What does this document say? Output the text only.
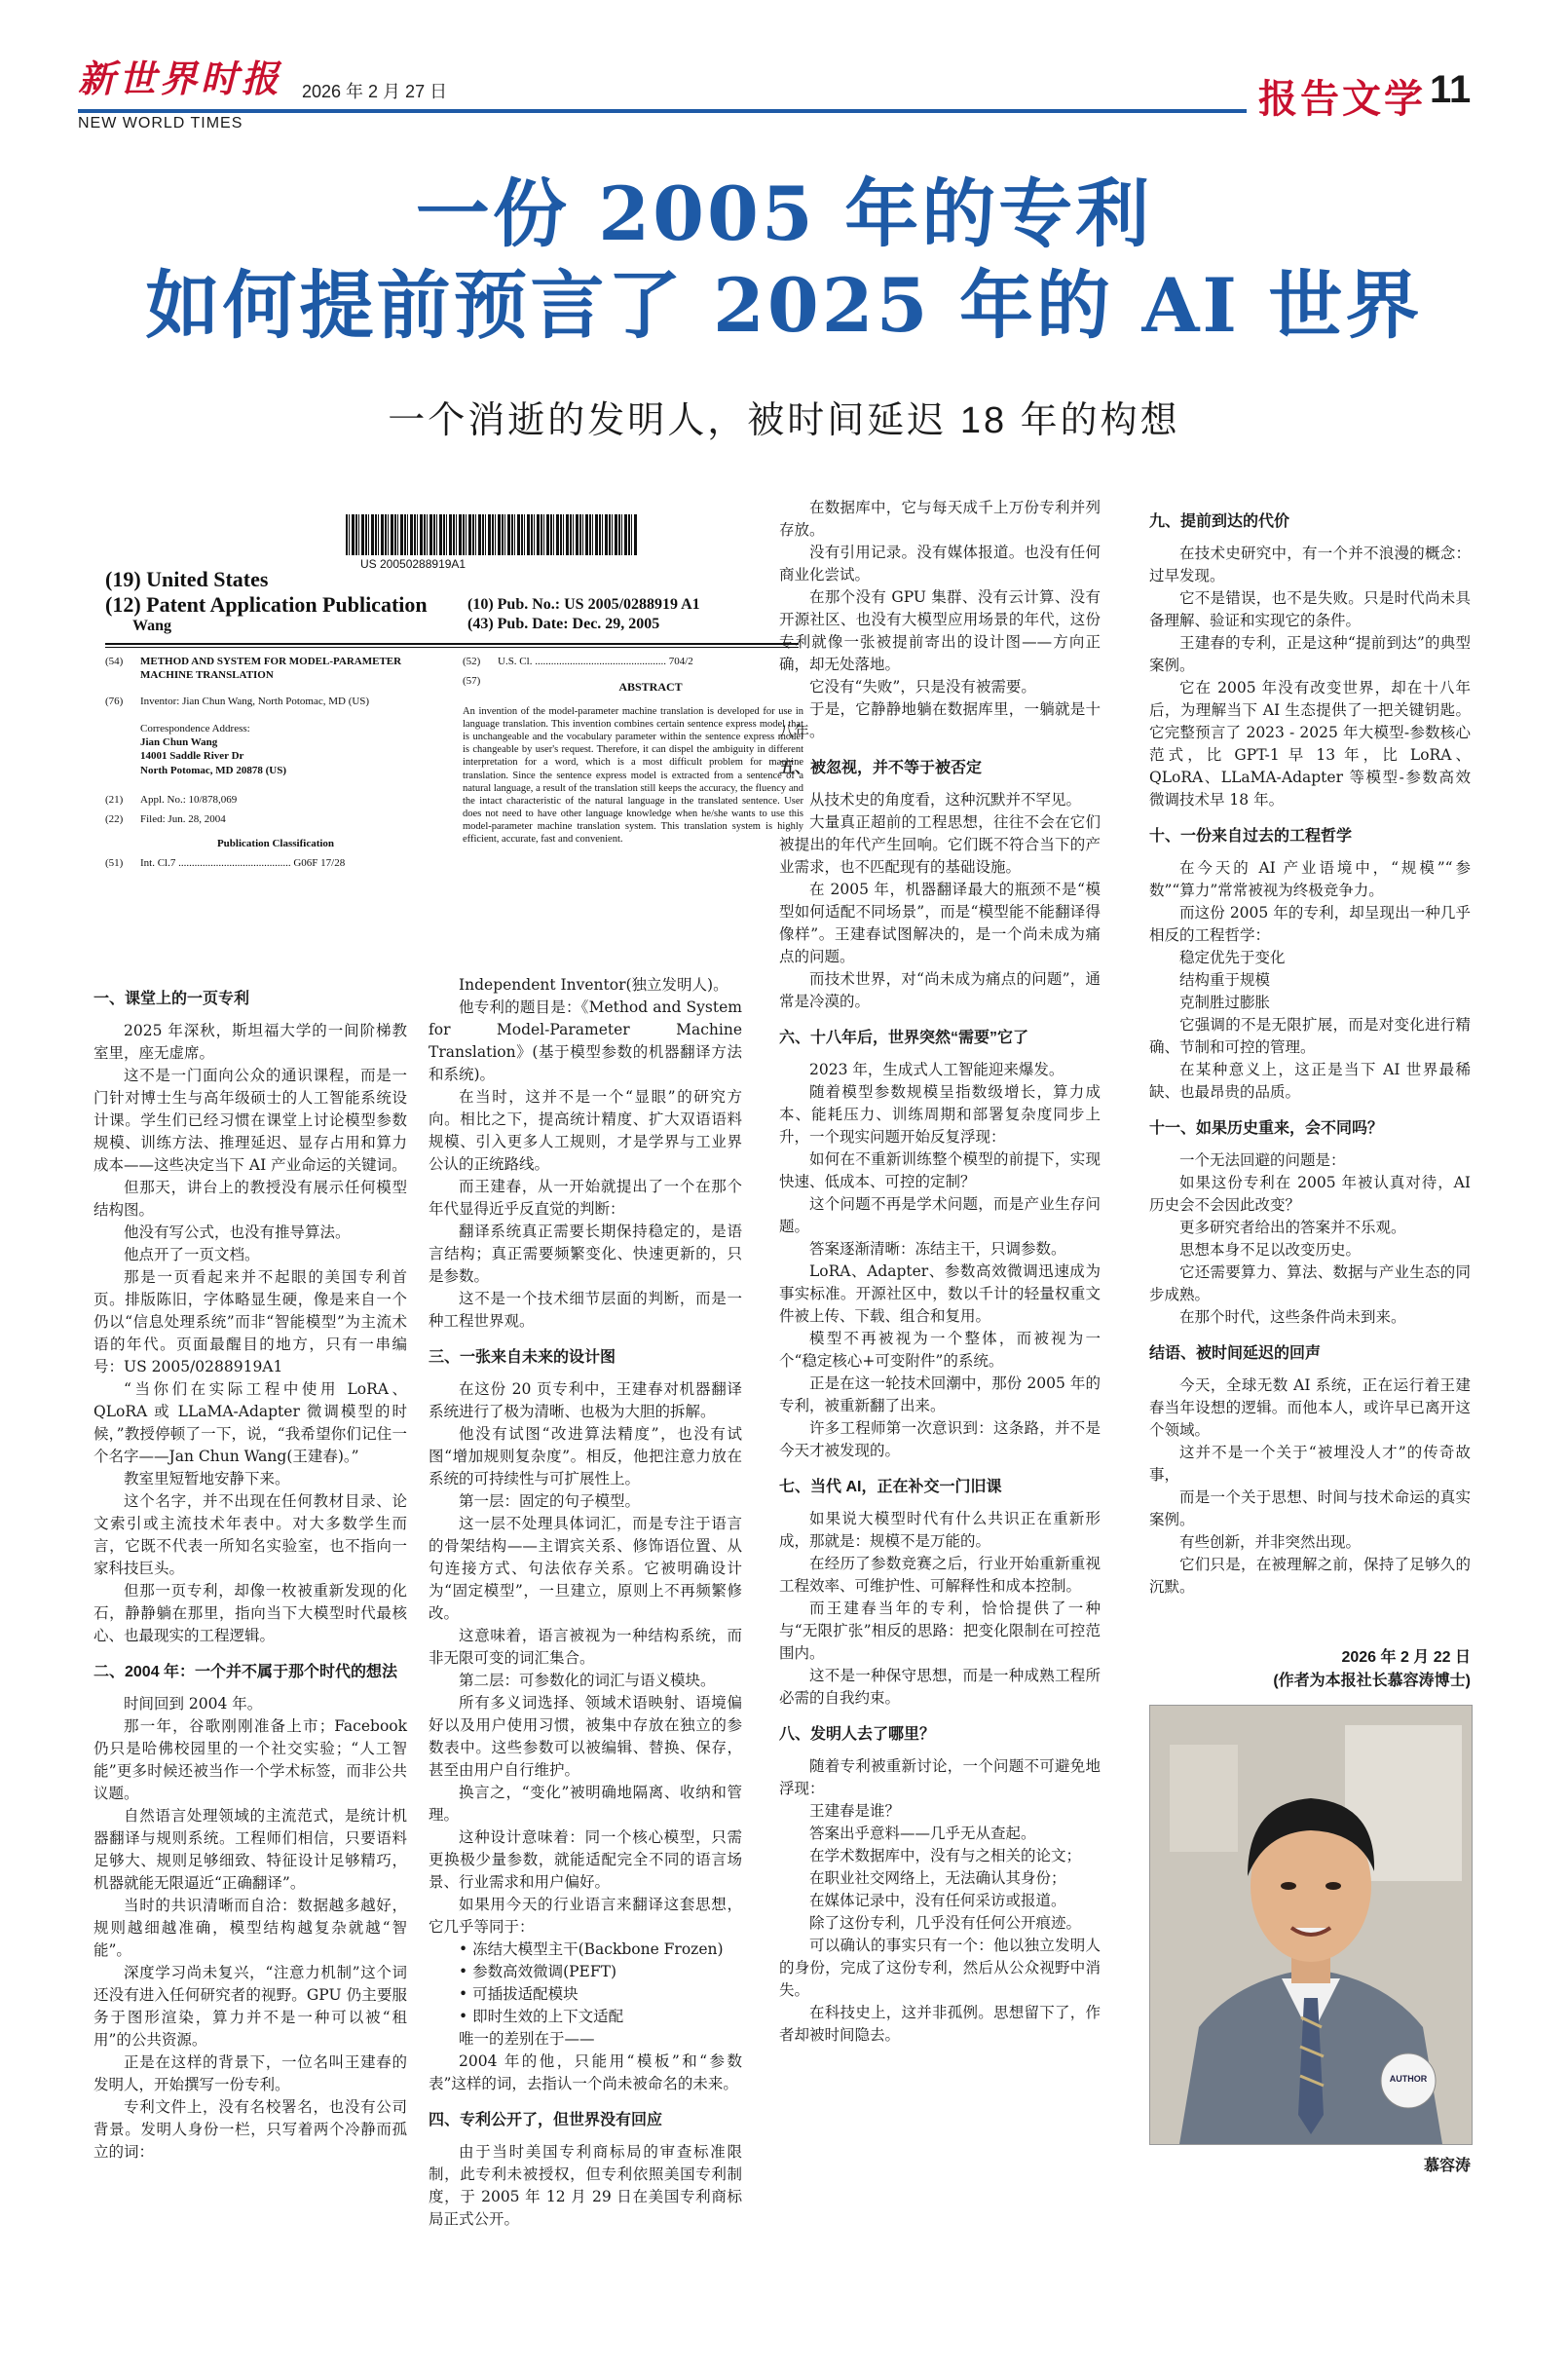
新世界时报 2026 年 2 月 27 日
NEW WORLD TIMES
报告文学 11
一份 2005 年的专利
如何提前预言了 2025 年的 AI 世界
一个消逝的发明人，被时间延迟 18 年的构想
US 20050288919A1
(19) United States
(12) Patent Application Publication
Wang
(10) Pub. No.: US 2005/0288919 A1
(43) Pub. Date: Dec. 29, 2005
(54)	METHOD AND SYSTEM FOR MODEL-PARAMETER MACHINE TRANSLATION
(76)	Inventor: Jian Chun Wang, North Potomac, MD (US)
Correspondence Address:
Jian Chun Wang
14001 Saddle River Dr
North Potomac, MD 20878 (US)
(21)	Appl. No.: 10/878,069
(22)	Filed: Jun. 28, 2004
Publication Classification
(51)	Int. Cl.7 .......................................... G06F 17/28
(52)	U.S. Cl. ................................................. 704/2
(57)	ABSTRACT
An invention of the model-parameter machine translation is developed for use in language translation. This invention combines certain sentence express model that is unchangeable and the vocabulary parameter within the sentence express model is changeable by user's request. Therefore, it can dispel the ambiguity in different interpretation for a word, which is a most difficult problem for machine translation. Since the sentence express model is extracted from a sentence of a natural language, a result of the translation still keeps the accuracy, the fluency and the intact characteristic of the natural language in the translated sentence. User does not need to have other language knowledge when he/she wants to use this model-parameter machine translation system. This translation system is highly efficient, accurate, fast and convenient.
一、课堂上的一页专利

2025 年深秋，斯坦福大学的一间阶梯教室里，座无虚席。

这不是一门面向公众的通识课程，而是一门针对博士生与高年级硕士的人工智能系统设计课。学生们已经习惯在课堂上讨论模型参数规模、训练方法、推理延迟、显存占用和算力成本——这些决定当下 AI 产业命运的关键词。

但那天，讲台上的教授没有展示任何模型结构图。

他没有写公式，也没有推导算法。

他点开了一页文档。

那是一页看起来并不起眼的美国专利首页。排版陈旧，字体略显生硬，像是来自一个仍以“信息处理系统”而非“智能模型”为主流术语的年代。页面最醒目的地方，只有一串编号：US 2005/0288919A1

“当你们在实际工程中使用 LoRA、QLoRA 或 LLaMA-Adapter 微调模型的时候，”教授停顿了一下，说，“我希望你们记住一个名字——Jan Chun Wang(王建春)。”

教室里短暂地安静下来。

这个名字，并不出现在任何教材目录、论文索引或主流技术年表中。对大多数学生而言，它既不代表一所知名实验室，也不指向一家科技巨头。

但那一页专利，却像一枚被重新发现的化石，静静躺在那里，指向当下大模型时代最核心、也最现实的工程逻辑。

二、2004 年：一个并不属于那个时代的想法

时间回到 2004 年。

那一年，谷歌刚刚准备上市；Facebook 仍只是哈佛校园里的一个社交实验；“人工智能”更多时候还被当作一个学术标签，而非公共议题。

自然语言处理领域的主流范式，是统计机器翻译与规则系统。工程师们相信，只要语料足够大、规则足够细致、特征设计足够精巧，机器就能无限逼近“正确翻译”。

当时的共识清晰而自洽：数据越多越好，规则越细越准确，模型结构越复杂就越“智能”。

深度学习尚未复兴，“注意力机制”这个词还没有进入任何研究者的视野。GPU 仍主要服务于图形渲染，算力并不是一种可以被“租用”的公共资源。

正是在这样的背景下，一位名叫王建春的发明人，开始撰写一份专利。

专利文件上，没有名校署名，也没有公司背景。发明人身份一栏，只写着两个冷静而孤立的词：

Independent Inventor(独立发明人)。

他专利的题目是：《Method and System for Model-Parameter Machine Translation》(基于模型参数的机器翻译方法和系统)。

在当时，这并不是一个“显眼”的研究方向。相比之下，提高统计精度、扩大双语语料规模、引入更多人工规则，才是学界与工业界公认的正统路线。

而王建春，从一开始就提出了一个在那个年代显得近乎反直觉的判断：

翻译系统真正需要长期保持稳定的，是语言结构；真正需要频繁变化、快速更新的，只是参数。

这不是一个技术细节层面的判断，而是一种工程世界观。

三、一张来自未来的设计图

在这份 20 页专利中，王建春对机器翻译系统进行了极为清晰、也极为大胆的拆解。

他没有试图“改进算法精度”，也没有试图“增加规则复杂度”。相反，他把注意力放在系统的可持续性与可扩展性上。

第一层：固定的句子模型。

这一层不处理具体词汇，而是专注于语言的骨架结构——主谓宾关系、修饰语位置、从句连接方式、句法依存关系。它被明确设计为“固定模型”，一旦建立，原则上不再频繁修改。

这意味着，语言被视为一种结构系统，而非无限可变的词汇集合。

第二层：可参数化的词汇与语义模块。

所有多义词选择、领域术语映射、语境偏好以及用户使用习惯，被集中存放在独立的参数表中。这些参数可以被编辑、替换、保存，甚至由用户自行维护。

换言之，“变化”被明确地隔离、收纳和管理。

这种设计意味着：同一个核心模型，只需更换极少量参数，就能适配完全不同的语言场景、行业需求和用户偏好。

如果用今天的行业语言来翻译这套思想，它几乎等同于：

• 冻结大模型主干(Backbone Frozen)
• 参数高效微调(PEFT)
• 可插拔适配模块
• 即时生效的上下文适配

唯一的差别在于——

2004 年的他，只能用“模板”和“参数表”这样的词，去指认一个尚未被命名的未来。

四、专利公开了，但世界没有回应

由于当时美国专利商标局的审查标准限制，此专利未被授权，但专利依照美国专利制度，于 2005 年 12 月 29 日在美国专利商标局正式公开。

在数据库中，它与每天成千上万份专利并列存放。

没有引用记录。没有媒体报道。也没有任何商业化尝试。

在那个没有 GPU 集群、没有云计算、没有开源社区、也没有大模型应用场景的年代，这份专利就像一张被提前寄出的设计图——方向正确，却无处落地。

它没有“失败”，只是没有被需要。

于是，它静静地躺在数据库里，一躺就是十八年。

五、被忽视，并不等于被否定

从技术史的角度看，这种沉默并不罕见。

大量真正超前的工程思想，往往不会在它们被提出的年代产生回响。它们既不符合当下的产业需求，也不匹配现有的基础设施。

在 2005 年，机器翻译最大的瓶颈不是“模型如何适配不同场景”，而是“模型能不能翻译得像样”。王建春试图解决的，是一个尚未成为痛点的问题。

而技术世界，对“尚未成为痛点的问题”，通常是冷漠的。

六、十八年后，世界突然“需要”它了

2023 年，生成式人工智能迎来爆发。

随着模型参数规模呈指数级增长，算力成本、能耗压力、训练周期和部署复杂度同步上升，一个现实问题开始反复浮现：

如何在不重新训练整个模型的前提下，实现快速、低成本、可控的定制？

这个问题不再是学术问题，而是产业生存问题。

答案逐渐清晰：冻结主干，只调参数。

LoRA、Adapter、参数高效微调迅速成为事实标准。开源社区中，数以千计的轻量权重文件被上传、下载、组合和复用。

模型不再被视为一个整体，而被视为一个“稳定核心+可变附件”的系统。

正是在这一轮技术回潮中，那份 2005 年的专利，被重新翻了出来。

许多工程师第一次意识到：这条路，并不是今天才被发现的。

七、当代 AI，正在补交一门旧课

如果说大模型时代有什么共识正在重新形成，那就是：规模不是万能的。

在经历了参数竞赛之后，行业开始重新重视工程效率、可维护性、可解释性和成本控制。

而王建春当年的专利，恰恰提供了一种与“无限扩张”相反的思路：把变化限制在可控范围内。

这不是一种保守思想，而是一种成熟工程所必需的自我约束。

八、发明人去了哪里？

随着专利被重新讨论，一个问题不可避免地浮现：

王建春是谁？

答案出乎意料——几乎无从查起。

在学术数据库中，没有与之相关的论文；

在职业社交网络上，无法确认其身份；

在媒体记录中，没有任何采访或报道。

除了这份专利，几乎没有任何公开痕迹。

可以确认的事实只有一个：他以独立发明人的身份，完成了这份专利，然后从公众视野中消失。

在科技史上，这并非孤例。思想留下了，作者却被时间隐去。

九、提前到达的代价

在技术史研究中，有一个并不浪漫的概念：过早发现。

它不是错误，也不是失败。只是时代尚未具备理解、验证和实现它的条件。

王建春的专利，正是这种“提前到达”的典型案例。

它在 2005 年没有改变世界，却在十八年后，为理解当下 AI 生态提供了一把关键钥匙。它完整预言了 2023 - 2025 年大模型-参数核心范式，比 GPT-1 早 13 年，比 LoRA、QLoRA、LLaMA-Adapter 等模型-参数高效微调技术早 18 年。

十、一份来自过去的工程哲学

在今天的 AI 产业语境中，“规模”“参数”“算力”常常被视为终极竞争力。

而这份 2005 年的专利，却呈现出一种几乎相反的工程哲学：

稳定优先于变化

结构重于规模

克制胜过膨胀

它强调的不是无限扩展，而是对变化进行精确、节制和可控的管理。

在某种意义上，这正是当下 AI 世界最稀缺、也最昂贵的品质。

十一、如果历史重来，会不同吗？

一个无法回避的问题是：

如果这份专利在 2005 年被认真对待，AI 历史会不会因此改变？

更多研究者给出的答案并不乐观。

思想本身不足以改变历史。

它还需要算力、算法、数据与产业生态的同步成熟。

在那个时代，这些条件尚未到来。

结语、被时间延迟的回声

今天，全球无数 AI 系统，正在运行着王建春当年设想的逻辑。而他本人，或许早已离开这个领域。

这并不是一个关于“被埋没人才”的传奇故事，

而是一个关于思想、时间与技术命运的真实案例。

有些创新，并非突然出现。

它们只是，在被理解之前，保持了足够久的沉默。

2026 年 2 月 22 日
(作者为本报社长慕容涛博士)
AUTHOR
慕容涛
